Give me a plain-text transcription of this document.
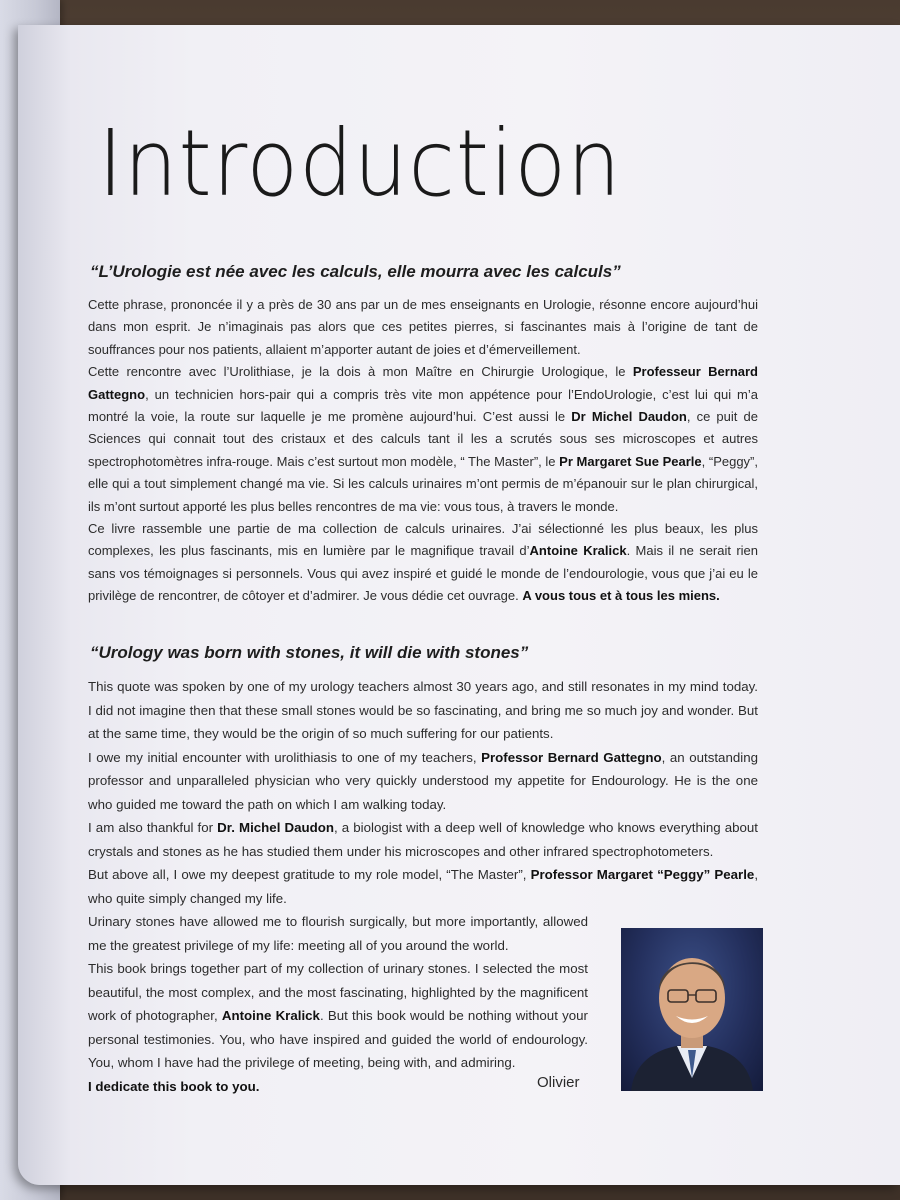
Introduction

“L’Urologie est née avec les calculs, elle mourra avec les calculs”

Cette phrase, prononcée il y a près de 30 ans par un de mes enseignants en Urologie, résonne encore aujourd’hui dans mon esprit. Je n’imaginais pas alors que ces petites pierres, si fascinantes mais à l’origine de tant de souffrances pour nos patients, allaient m’apporter autant de joies et d’émerveillement.

Cette rencontre avec l’Urolithiase, je la dois à mon Maître en Chirurgie Urologique, le Professeur Bernard Gattegno, un technicien hors-pair qui a compris très vite mon appétence pour l’EndoUrologie, c’est lui qui m’a montré la voie, la route sur laquelle je me promène aujourd’hui. C’est aussi le Dr Michel Daudon, ce puit de Sciences qui connait tout des cristaux et des calculs tant il les a scrutés sous ses microscopes et autres spectrophotomètres infra-rouge. Mais c’est surtout mon modèle, “ The Master”, le Pr Margaret Sue Pearle, “Peggy”, elle qui a tout simplement changé ma vie. Si les calculs urinaires m’ont permis de m’épanouir sur le plan chirurgical, ils m’ont surtout apporté les plus belles rencontres de ma vie: vous tous, à travers le monde.

Ce livre rassemble une partie de ma collection de calculs urinaires. J’ai sélectionné les plus beaux, les plus complexes, les plus fascinants, mis en lumière par le magnifique travail d’Antoine Kralick. Mais il ne serait rien sans vos témoignages si personnels. Vous qui avez inspiré et guidé le monde de l’endourologie, vous que j’ai eu le privilège de rencontrer, de côtoyer et d’admirer. Je vous dédie cet ouvrage. A vous tous et à tous les miens.

“Urology was born with stones, it will die with stones”

This quote was spoken by one of my urology teachers almost 30 years ago, and still resonates in my mind today. I did not imagine then that these small stones would be so fascinating, and bring me so much joy and wonder. But at the same time, they would be the origin of so much suffering for our patients.

I owe my initial encounter with urolithiasis to one of my teachers, Professor Bernard Gattegno, an outstanding professor and unparalleled physician who very quickly understood my appetite for Endourology. He is the one who guided me toward the path on which I am walking today.

I am also thankful for Dr. Michel Daudon, a biologist with a deep well of knowledge who knows everything about crystals and stones as he has studied them under his microscopes and other infrared spectrophotometers.

But above all, I owe my deepest gratitude to my role model, “The Master”, Professor Margaret “Peggy” Pearle, who quite simply changed my life.

Urinary stones have allowed me to flourish surgically, but more importantly, allowed me the greatest privilege of my life: meeting all of you around the world.

This book brings together part of my collection of urinary stones. I selected the most beautiful, the most complex, and the most fascinating, highlighted by the magnificent work of photographer, Antoine Kralick. But this book would be nothing without your personal testimonies. You, who have inspired and guided the world of endourology. You, whom I have had the privilege of meeting, being with, and admiring.

I dedicate this book to you.	Olivier
